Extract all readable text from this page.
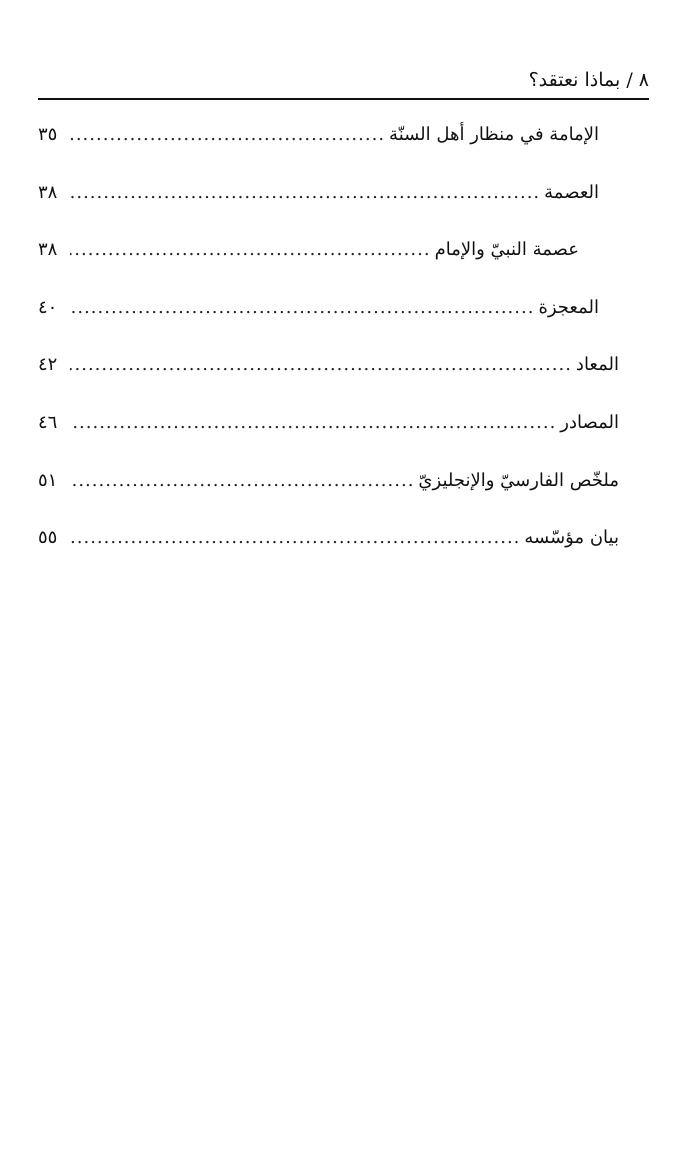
٨ / بماذا نعتقد؟
الإمامة في منظار أهل السنّة
.....
٣٥
العصمة
.....
٣٨
عصمة النبيّ والإمام
.....
٣٨
المعجزة
.....
٤٠
المعاد
.....
٤٢
المصادر
.....
٤٦
ملخّص الفارسيّ والإنجليزيّ
.....
٥١
بيان مؤسّسه
.....
٥٥
